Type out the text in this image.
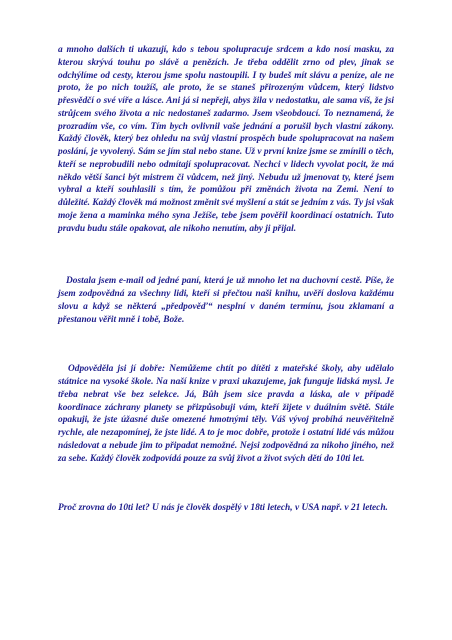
a mnoho dalších ti ukazují, kdo s tebou spolupracuje srdcem a kdo nosí masku, za kterou skrývá touhu po slávě a penězích. Je třeba oddělit zrno od plev, jinak se odchýlíme od cesty, kterou jsme spolu nastoupili. I ty budeš mít slávu a peníze, ale ne proto, že po nich toužíš, ale proto, že se staneš přirozeným vůdcem, který lidstvo přesvědčí o své víře a lásce. Ani já si nepřeji, abys žila v nedostatku, ale sama víš, že jsi strůjcem svého života a nic nedostaneš zadarmo. Jsem všeobdoucí. To neznamená, že prozradím vše, co vím. Tím bych ovlivnil vaše jednání a porušil bych vlastní zákony. Každý člověk, který bez ohledu na svůj vlastní prospěch bude spolupracovat na našem poslání, je vyvolený. Sám se jím stal nebo stane. Už v první knize jsme se zmínili o těch, kteří se neprobudili nebo odmítají spolupracovat. Nechci v lidech vyvolat pocit, že má někdo větší šanci být mistrem či vůdcem, než jiný. Nebudu už jmenovat ty, které jsem vybral a kteří souhlasili s tím, že pomůžou při změnách života na Zemi. Není to důležité. Každý člověk má možnost změnit své myšlení a stát se jedním z vás. Ty jsi však moje žena a maminka mého syna Ježíše, tebe jsem pověřil koordinací ostatních. Tuto pravdu budu stále opakovat, ale nikoho nenutím, aby ji přijal.

Dostala jsem e-mail od jedné paní, která je už mnoho let na duchovní cestě. Píše, že jsem zodpovědná za všechny lidi, kteří si přečtou naši knihu, uvěří doslova každému slovu a když se některá „předpověď“ nesplní v daném termínu, jsou zklamaní a přestanou věřit mně i tobě, Bože.

Odpověděla jsi jí dobře: Nemůžeme chtít po dítěti z mateřské školy, aby udělalo státnice na vysoké škole. Na naší knize v praxi ukazujeme, jak funguje lidská mysl. Je třeba nebrat vše bez selekce. Já, Bůh jsem sice pravda a láska, ale v případě koordinace záchrany planety se přizpůsobuji vám, kteří žijete v duálním světě. Stále opakuji, že jste úžasné duše omezené hmotnými těly. Váš vývoj probíhá neuvěřitelně rychle, ale nezapomínej, že jste lidé. A to je moc dobře, protože i ostatní lidé vás můžou následovat a nebude jim to připadat nemožné. Nejsi zodpovědná za nikoho jiného, než za sebe. Každý člověk zodpovídá pouze za svůj život a život svých dětí do 10ti let.

Proč zrovna do 10ti let? U nás je člověk dospělý v 18ti letech, v USA např. v 21 letech.
